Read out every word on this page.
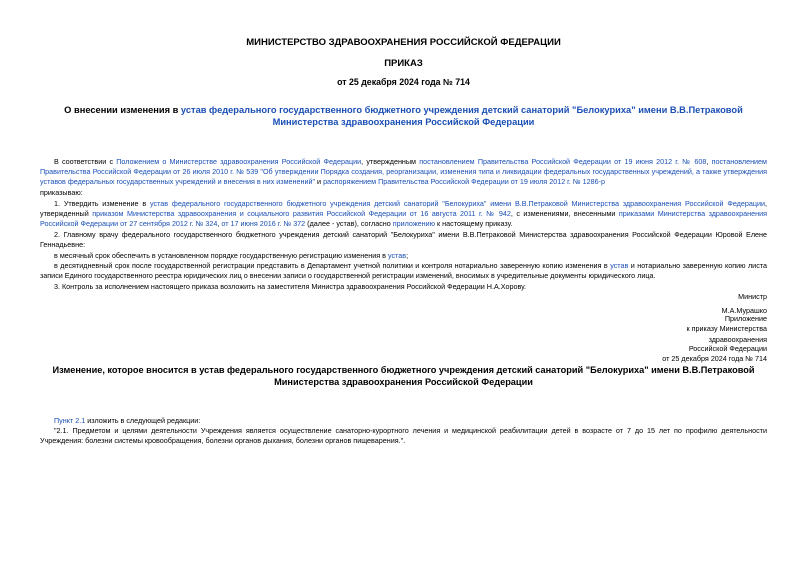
МИНИСТЕРСТВО ЗДРАВООХРАНЕНИЯ РОССИЙСКОЙ ФЕДЕРАЦИИ
ПРИКАЗ
от 25 декабря 2024 года № 714
О внесении изменения в устав федерального государственного бюджетного учреждения детский санаторий "Белокуриха" имени В.В.Петраковой Министерства здравоохранения Российской Федерации
В соответствии с Положением о Министерстве здравоохранения Российской Федерации, утвержденным постановлением Правительства Российской Федерации от 19 июня 2012 г. № 608, постановлением Правительства Российской Федерации от 26 июля 2010 г. № 539 "Об утверждении Порядка создания, реорганизации, изменения типа и ликвидации федеральных государственных учреждений, а также утверждения уставов федеральных государственных учреждений и внесения в них изменений" и распоряжением Правительства Российской Федерации от 19 июля 2012 г. № 1286-р
приказываю:
1. Утвердить изменение в устав федерального государственного бюджетного учреждения детский санаторий "Белокуриха" имени В.В.Петраковой Министерства здравоохранения Российской Федерации, утвержденный приказом Министерства здравоохранения и социального развития Российской Федерации от 16 августа 2011 г. № 942, с изменениями, внесенными приказами Министерства здравоохранения Российской Федерации от 27 сентября 2012 г. № 324, от 17 июня 2016 г. № 372 (далее - устав), согласно приложению к настоящему приказу.
2. Главному врачу федерального государственного бюджетного учреждения детский санаторий "Белокуриха" имени В.В.Петраковой Министерства здравоохранения Российской Федерации Юровой Елене Геннадьевне:
в месячный срок обеспечить в установленном порядке государственную регистрацию изменения в устав;
в десятидневный срок после государственной регистрации представить в Департамент учетной политики и контроля нотариально заверенную копию изменения в устав и нотариально заверенную копию листа записи Единого государственного реестра юридических лиц о внесении записи о государственной регистрации изменений, вносимых в учредительные документы юридического лица.
3. Контроль за исполнением настоящего приказа возложить на заместителя Министра здравоохранения Российской Федерации Н.А.Хорову.
Министр
М.А.Мурашко
Приложение
к приказу Министерства
здравоохранения
Российской Федерации
от 25 декабря 2024 года № 714
Изменение, которое вносится в устав федерального государственного бюджетного учреждения детский санаторий "Белокуриха" имени В.В.Петраковой Министерства здравоохранения Российской Федерации
Пункт 2.1 изложить в следующей редакции:
"2.1. Предметом и целями деятельности Учреждения является осуществление санаторно-курортного лечения и медицинской реабилитации детей в возрасте от 7 до 15 лет по профилю деятельности Учреждения: болезни системы кровообращения, болезни органов дыхания, болезни органов пищеварения.".
